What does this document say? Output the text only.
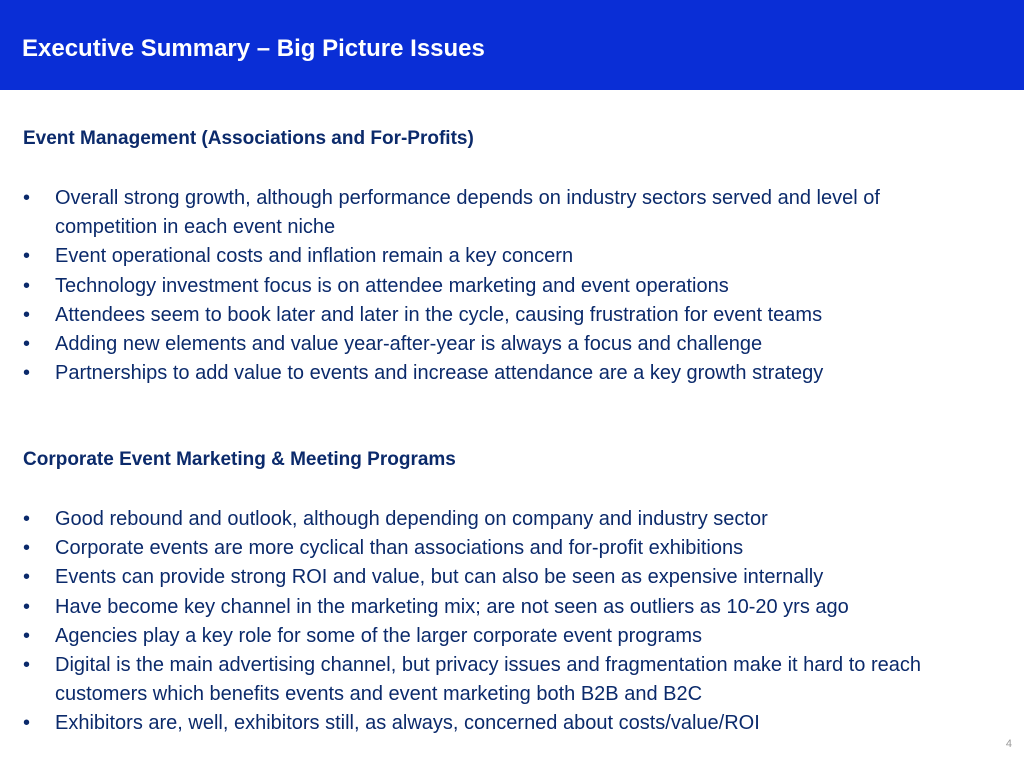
Executive Summary – Big Picture Issues
Event Management (Associations and For-Profits)
•	Overall strong growth, although performance depends on industry sectors served and level of competition in each event niche
•	Event operational costs and inflation remain a key concern
•	Technology investment focus is on attendee marketing and event operations
•	Attendees seem to book later and later in the cycle, causing frustration for event teams
•	Adding new elements and value year-after-year is always a focus and challenge
•	Partnerships to add value to events and increase attendance are a key growth strategy
Corporate Event Marketing & Meeting Programs
•	Good rebound and outlook, although depending on company and industry sector
•	Corporate events are more cyclical than associations and for-profit exhibitions
•	Events can provide strong ROI and value, but can also be seen as expensive internally
•	Have become key channel in the marketing mix; are not seen as outliers as 10-20 yrs ago
•	Agencies play a key role for some of the larger corporate event programs
•	Digital is the main advertising channel, but privacy issues and fragmentation make it hard to reach customers which benefits events and event marketing both B2B and B2C
•	Exhibitors are, well, exhibitors still, as always, concerned about costs/value/ROI
4
